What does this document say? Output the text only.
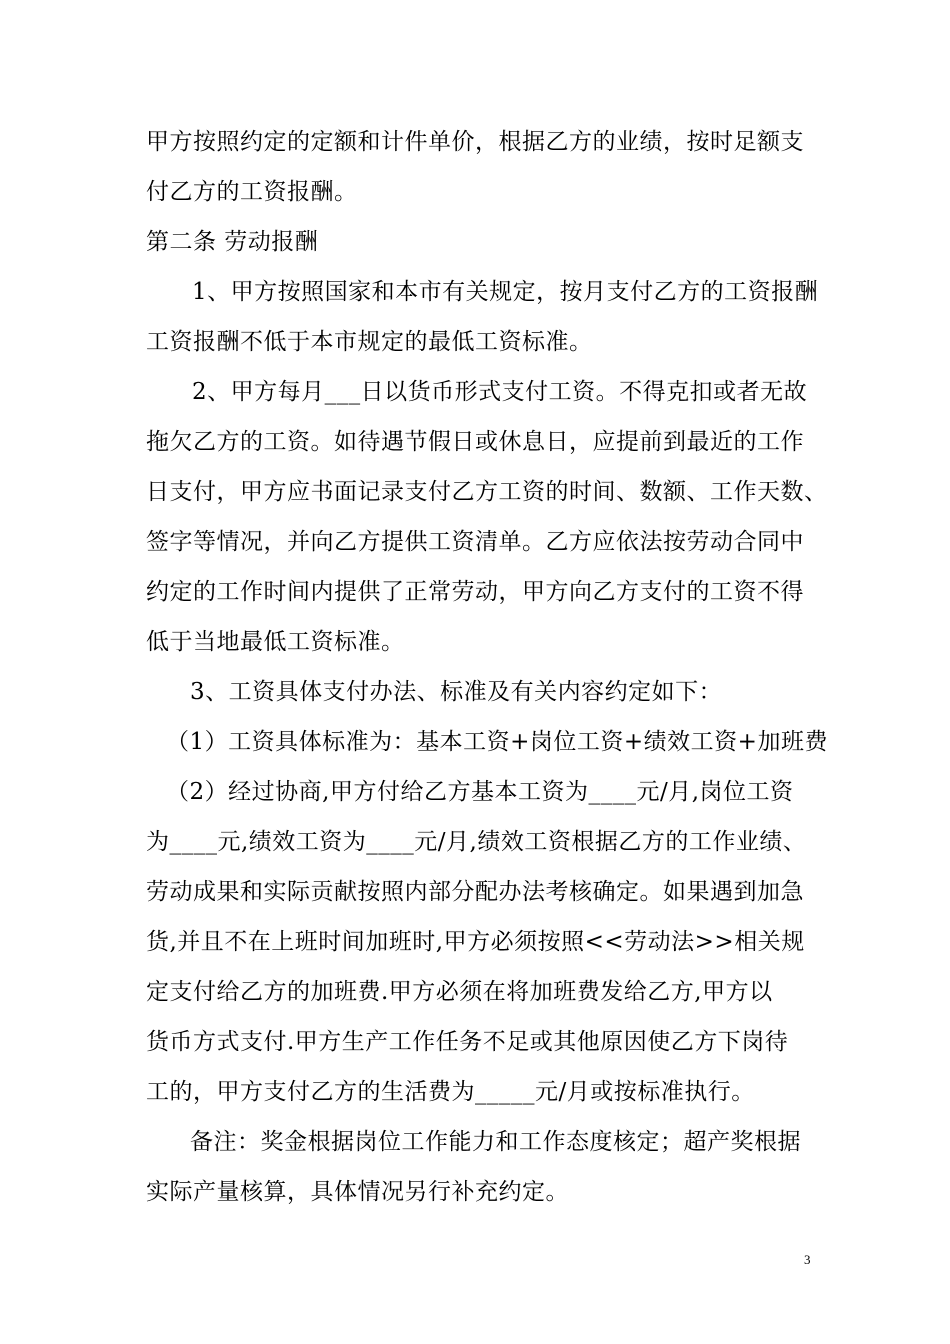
甲方按照约定的定额和计件单价，根据乙方的业绩，按时足额支
付乙方的工资报酬。
第二条 劳动报酬
1、甲方按照国家和本市有关规定，按月支付乙方的工资报酬
工资报酬不低于本市规定的最低工资标准。
2、甲方每月___日以货币形式支付工资。不得克扣或者无故
拖欠乙方的工资。如待遇节假日或休息日，应提前到最近的工作
日支付，甲方应书面记录支付乙方工资的时间、数额、工作天数、
签字等情况，并向乙方提供工资清单。乙方应依法按劳动合同中
约定的工作时间内提供了正常劳动，甲方向乙方支付的工资不得
低于当地最低工资标准。
3、工资具体支付办法、标准及有关内容约定如下：
（1）工资具体标准为：基本工资+岗位工资+绩效工资+加班费
（2）经过协商,甲方付给乙方基本工资为____元/月,岗位工资
为____元,绩效工资为____元/月,绩效工资根据乙方的工作业绩、
劳动成果和实际贡献按照内部分配办法考核确定。如果遇到加急
货,并且不在上班时间加班时,甲方必须按照<<劳动法>>相关规
定支付给乙方的加班费.甲方必须在将加班费发给乙方,甲方以
货币方式支付.甲方生产工作任务不足或其他原因使乙方下岗待
工的，甲方支付乙方的生活费为_____元/月或按标准执行。
备注：奖金根据岗位工作能力和工作态度核定；超产奖根据
实际产量核算，具体情况另行补充约定。
3
